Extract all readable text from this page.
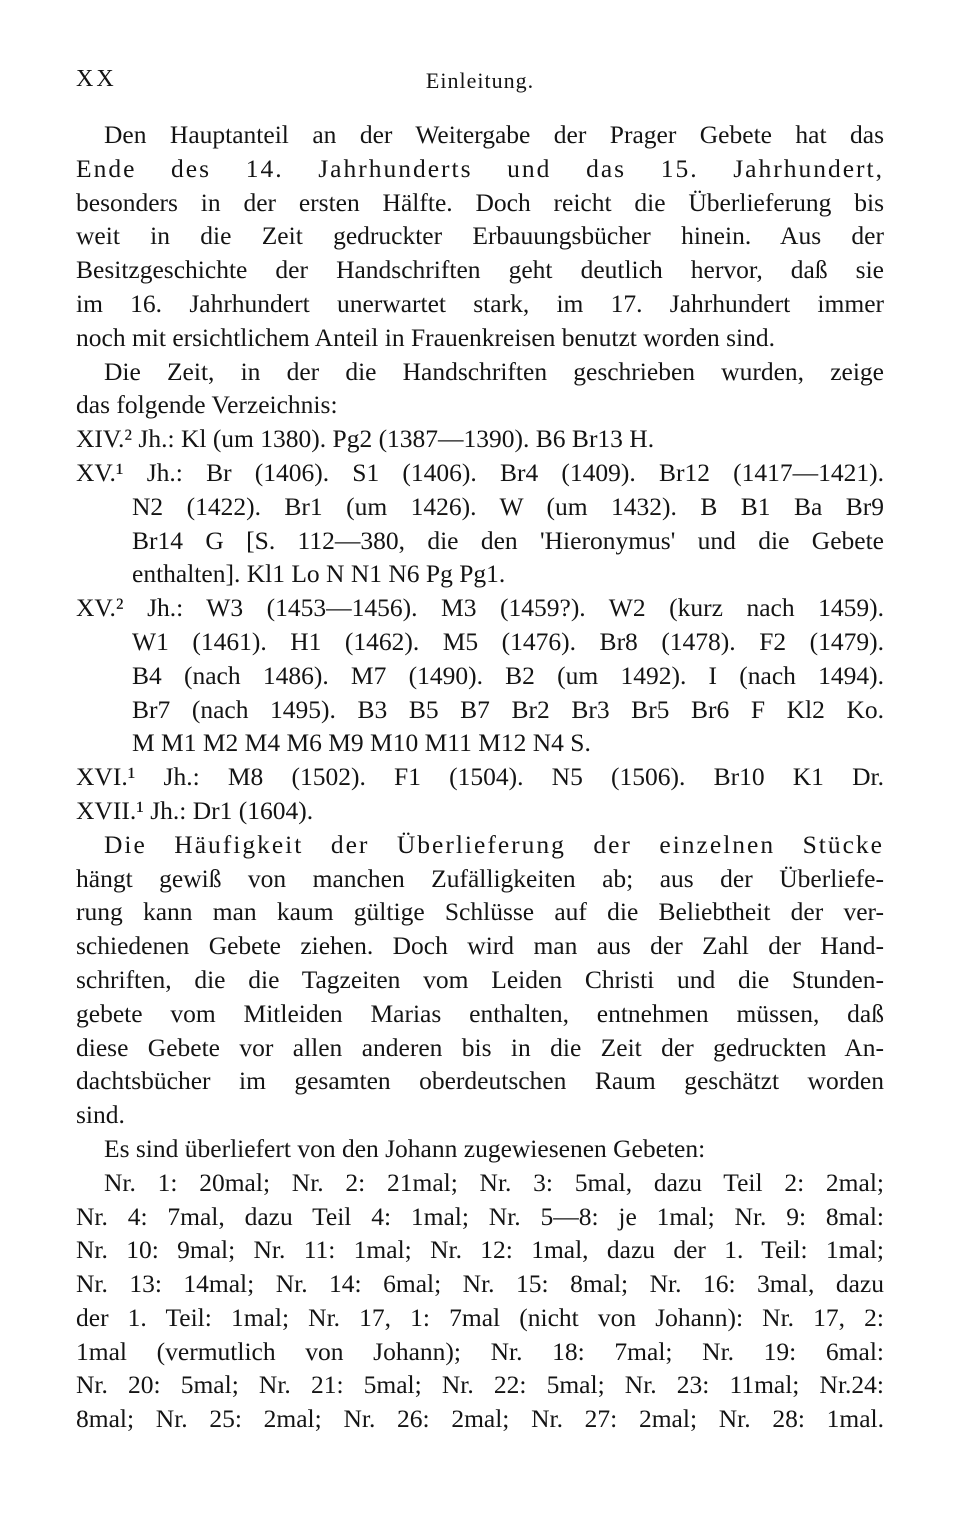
XX	Einleitung.
Den Hauptanteil an der Weitergabe der Prager Gebete hat das
Ende des 14. Jahrhunderts und das 15. Jahrhundert,
besonders in der ersten Hälfte. Doch reicht die Überlieferung bis
weit in die Zeit gedruckter Erbauungsbücher hinein. Aus der
Besitzgeschichte der Handschriften geht deutlich hervor, daß sie
im 16. Jahrhundert unerwartet stark, im 17. Jahrhundert immer
noch mit ersichtlichem Anteil in Frauenkreisen benutzt worden sind.
Die Zeit, in der die Handschriften geschrieben wurden, zeige
das folgende Verzeichnis:
XIV.² Jh.: Kl (um 1380). Pg2 (1387—1390). B6 Br13 H.
XV.¹ Jh.: Br (1406). S1 (1406). Br4 (1409). Br12 (1417—1421).
N2 (1422). Br1 (um 1426). W (um 1432). B B1 Ba Br9
Br14 G [S. 112—380, die den 'Hieronymus' und die Gebete
enthalten]. Kl1 Lo N N1 N6 Pg Pg1.
XV.² Jh.: W3 (1453—1456). M3 (1459?). W2 (kurz nach 1459).
W1 (1461). H1 (1462). M5 (1476). Br8 (1478). F2 (1479).
B4 (nach 1486). M7 (1490). B2 (um 1492). I (nach 1494).
Br7 (nach 1495). B3 B5 B7 Br2 Br3 Br5 Br6 F Kl2 Ko.
M M1 M2 M4 M6 M9 M10 M11 M12 N4 S.
XVI.¹ Jh.: M8 (1502). F1 (1504). N5 (1506). Br10 K1 Dr.
XVII.¹ Jh.: Dr1 (1604).
Die Häufigkeit der Überlieferung der einzelnen Stücke
hängt gewiß von manchen Zufälligkeiten ab; aus der Überliefe-
rung kann man kaum gültige Schlüsse auf die Beliebtheit der ver-
schiedenen Gebete ziehen. Doch wird man aus der Zahl der Hand-
schriften, die die Tagzeiten vom Leiden Christi und die Stunden-
gebete vom Mitleiden Marias enthalten, entnehmen müssen, daß
diese Gebete vor allen anderen bis in die Zeit der gedruckten An-
dachtsbücher im gesamten oberdeutschen Raum geschätzt worden
sind.
Es sind überliefert von den Johann zugewiesenen Gebeten:
Nr. 1: 20mal; Nr. 2: 21mal; Nr. 3: 5mal, dazu Teil 2: 2mal;
Nr. 4: 7mal, dazu Teil 4: 1mal; Nr. 5—8: je 1mal; Nr. 9: 8mal:
Nr. 10: 9mal; Nr. 11: 1mal; Nr. 12: 1mal, dazu der 1. Teil: 1mal;
Nr. 13: 14mal; Nr. 14: 6mal; Nr. 15: 8mal; Nr. 16: 3mal, dazu
der 1. Teil: 1mal; Nr. 17, 1: 7mal (nicht von Johann): Nr. 17, 2:
1mal (vermutlich von Johann); Nr. 18: 7mal; Nr. 19: 6mal:
Nr. 20: 5mal; Nr. 21: 5mal; Nr. 22: 5mal; Nr. 23: 11mal; Nr.24:
8mal; Nr. 25: 2mal; Nr. 26: 2mal; Nr. 27: 2mal; Nr. 28: 1mal.
